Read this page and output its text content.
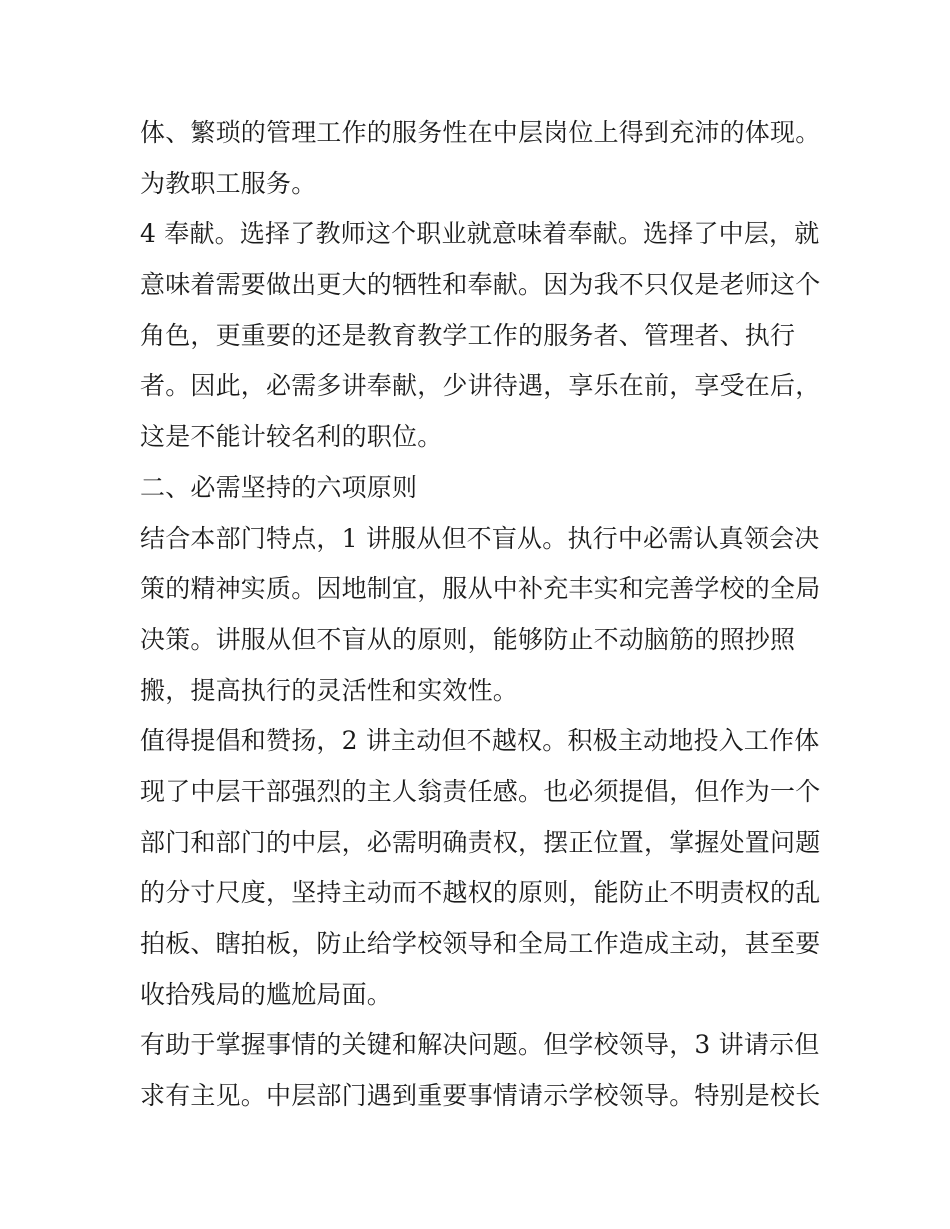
体、繁琐的管理工作的服务性在中层岗位上得到充沛的体现。
为教职工服务。
4 奉献。选择了教师这个职业就意味着奉献。选择了中层，就
意味着需要做出更大的牺牲和奉献。因为我不只仅是老师这个
角色，更重要的还是教育教学工作的服务者、管理者、执行
者。因此，必需多讲奉献，少讲待遇，享乐在前，享受在后，
这是不能计较名利的职位。
二、必需坚持的六项原则
结合本部门特点，1 讲服从但不盲从。执行中必需认真领会决
策的精神实质。因地制宜，服从中补充丰实和完善学校的全局
决策。讲服从但不盲从的原则，能够防止不动脑筋的照抄照
搬，提高执行的灵活性和实效性。
值得提倡和赞扬，2 讲主动但不越权。积极主动地投入工作体
现了中层干部强烈的主人翁责任感。也必须提倡，但作为一个
部门和部门的中层，必需明确责权，摆正位置，掌握处置问题
的分寸尺度，坚持主动而不越权的原则，能防止不明责权的乱
拍板、瞎拍板，防止给学校领导和全局工作造成主动，甚至要
收拾残局的尴尬局面。
有助于掌握事情的关键和解决问题。但学校领导，3 讲请示但
求有主见。中层部门遇到重要事情请示学校领导。特别是校长
